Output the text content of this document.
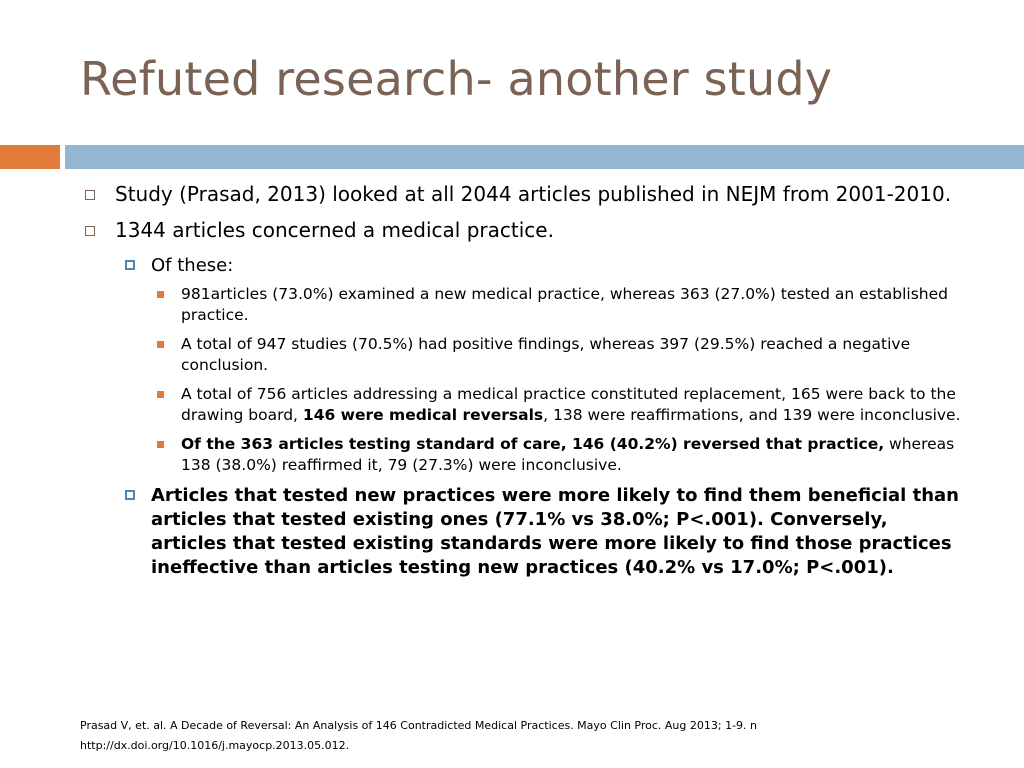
Refuted research- another study
Study (Prasad, 2013) looked at all 2044 articles published in NEJM from 2001-2010.
1344 articles concerned a medical practice.
Of these:
981articles (73.0%) examined a new medical practice, whereas 363 (27.0%) tested an established practice.
A total of 947 studies (70.5%) had positive findings, whereas 397 (29.5%) reached a negative conclusion.
A total of 756 articles addressing a medical practice constituted replacement, 165 were back to the drawing board, 146 were medical reversals, 138 were reaffirmations, and 139 were inconclusive.
Of the 363 articles testing standard of care, 146 (40.2%) reversed that practice, whereas 138 (38.0%) reaffirmed it, 79 (27.3%) were inconclusive.
Articles that tested new practices were more likely to find them beneficial than articles that tested existing ones (77.1% vs 38.0%; P<.001). Conversely, articles that tested existing standards were more likely to find those practices ineffective than articles testing new practices (40.2% vs 17.0%; P<.001).
Prasad V, et. al. A Decade of Reversal: An Analysis of 146 Contradicted Medical Practices. Mayo Clin Proc. Aug 2013; 1-9. n
http://dx.doi.org/10.1016/j.mayocp.2013.05.012.
